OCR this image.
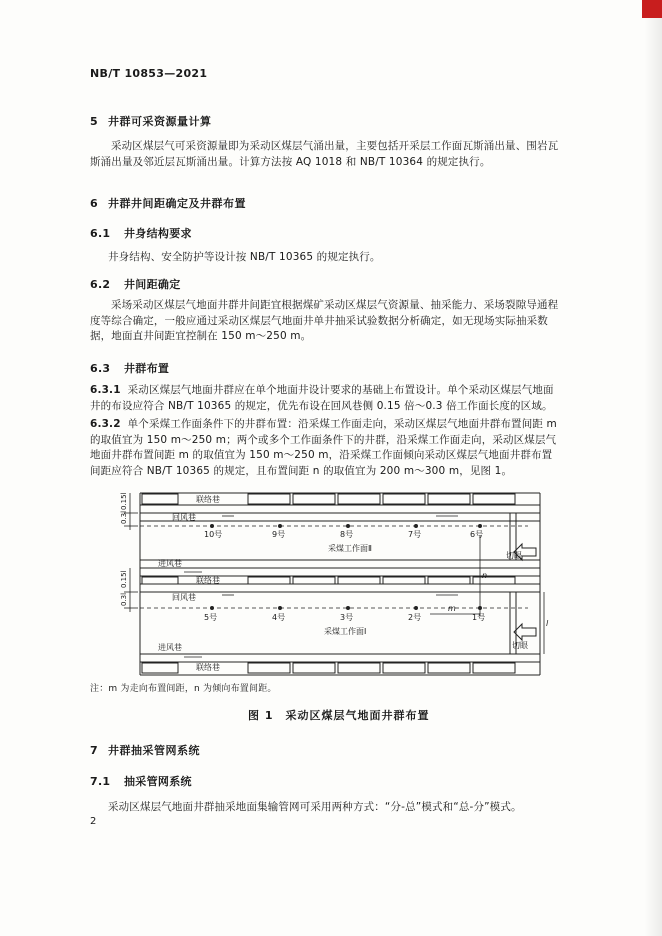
NB/T 10853—2021
5 井群可采资源量计算
采动区煤层气可采资源量即为采动区煤层气涌出量，主要包括开采层工作面瓦斯涌出量、围岩瓦斯涌出量及邻近层瓦斯涌出量。计算方法按 AQ 1018 和 NB/T 10364 的规定执行。
6 井群井间距确定及井群布置
6.1 井身结构要求
井身结构、安全防护等设计按 NB/T 10365 的规定执行。
6.2 井间距确定
采场采动区煤层气地面井群井间距宜根据煤矿采动区煤层气资源量、抽采能力、采场裂隙导通程度等综合确定，一般应通过采动区煤层气地面井单井抽采试验数据分析确定，如无现场实际抽采数据，地面直井间距宜控制在 150 m～250 m。
6.3 井群布置
6.3.1 采动区煤层气地面井群应在单个地面井设计要求的基础上布置设计。单个采动区煤层气地面井的布设应符合 NB/T 10365 的规定，优先布设在回风巷侧 0.15 倍～0.3 倍工作面长度的区域。
6.3.2 单个采煤工作面条件下的井群布置：沿采煤工作面走向，采动区煤层气地面井群布置间距 m 的取值宜为 150 m～250 m；两个或多个工作面条件下的井群，沿采煤工作面走向，采动区煤层气地面井群布置间距 m 的取值宜为 150 m～250 m，沿采煤工作面倾向采动区煤层气地面井群布置间距应符合 NB/T 10365 的规定，且布置间距 n 的取值宜为 200 m～300 m，见图 1。
联络巷
回风巷
10号	9号	8号	7号	6号
采煤工作面Ⅱ
切眼
进风巷
联络巷
回风巷
5号	4号	3号	2号	1号
采煤工作面Ⅰ
切眼
进风巷
联络巷
n
m
l
0.3l
0.15l
0.3l
0.15l
注：m 为走向布置间距，n 为倾向布置间距。
图 1　采动区煤层气地面井群布置
7 井群抽采管网系统
7.1 抽采管网系统
采动区煤层气地面井群抽采地面集输管网可采用两种方式：“分-总”模式和“总-分”模式。
2
